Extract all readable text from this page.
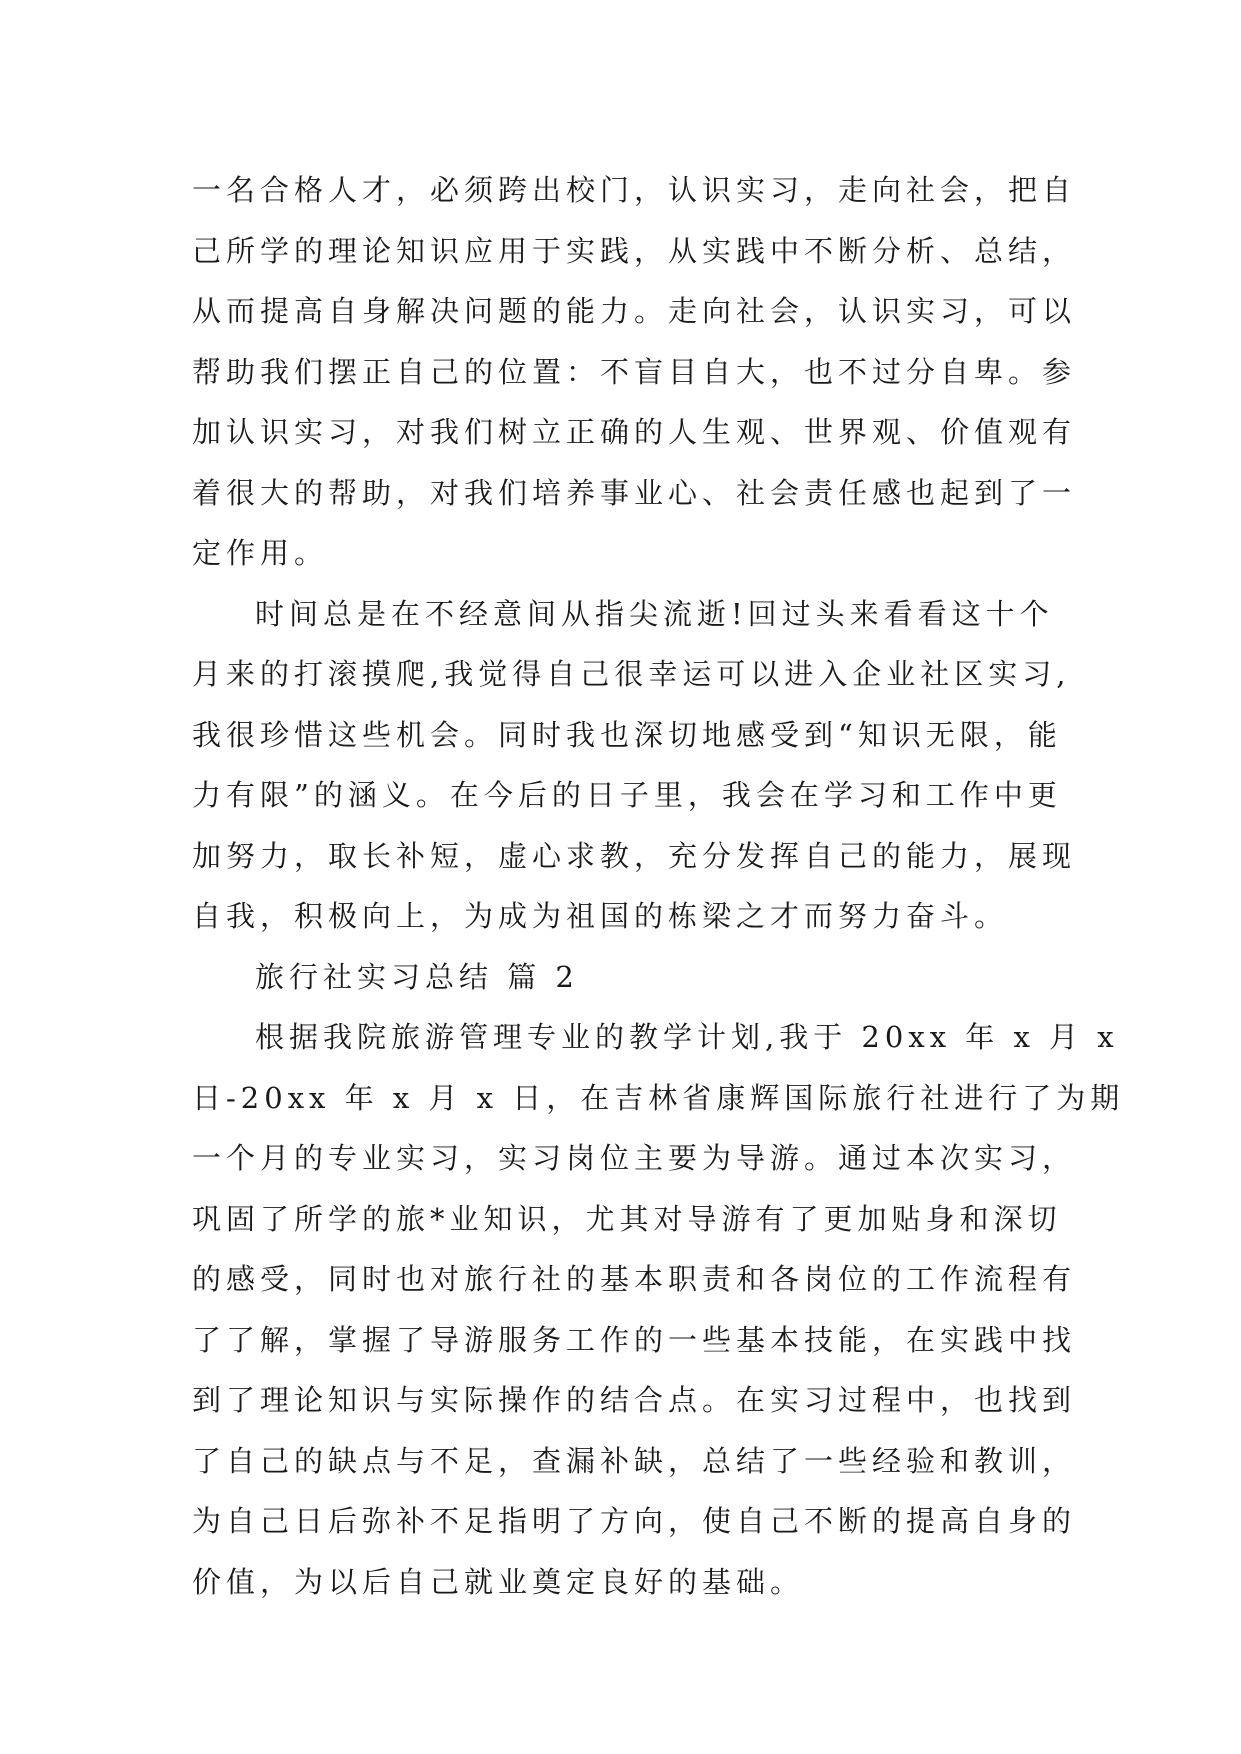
一名合格人才，必须跨出校门，认识实习，走向社会，把自
己所学的理论知识应用于实践，从实践中不断分析、总结，
从而提高自身解决问题的能力。走向社会，认识实习，可以
帮助我们摆正自己的位置：不盲目自大，也不过分自卑。参
加认识实习，对我们树立正确的人生观、世界观、价值观有
着很大的帮助，对我们培养事业心、社会责任感也起到了一
定作用。
时间总是在不经意间从指尖流逝!回过头来看看这十个
月来的打滚摸爬,我觉得自己很幸运可以进入企业社区实习,
我很珍惜这些机会。同时我也深切地感受到“知识无限，能
力有限”的涵义。在今后的日子里，我会在学习和工作中更
加努力，取长补短，虚心求教，充分发挥自己的能力，展现
自我，积极向上，为成为祖国的栋梁之才而努力奋斗。
旅行社实习总结 篇 2
根据我院旅游管理专业的教学计划,我于 20xx 年 x 月 x
日-20xx 年 x 月 x 日，在吉林省康辉国际旅行社进行了为期
一个月的专业实习，实习岗位主要为导游。通过本次实习，
巩固了所学的旅*业知识，尤其对导游有了更加贴身和深切
的感受，同时也对旅行社的基本职责和各岗位的工作流程有
了了解，掌握了导游服务工作的一些基本技能，在实践中找
到了理论知识与实际操作的结合点。在实习过程中，也找到
了自己的缺点与不足，查漏补缺，总结了一些经验和教训，
为自己日后弥补不足指明了方向，使自己不断的提高自身的
价值，为以后自己就业奠定良好的基础。
